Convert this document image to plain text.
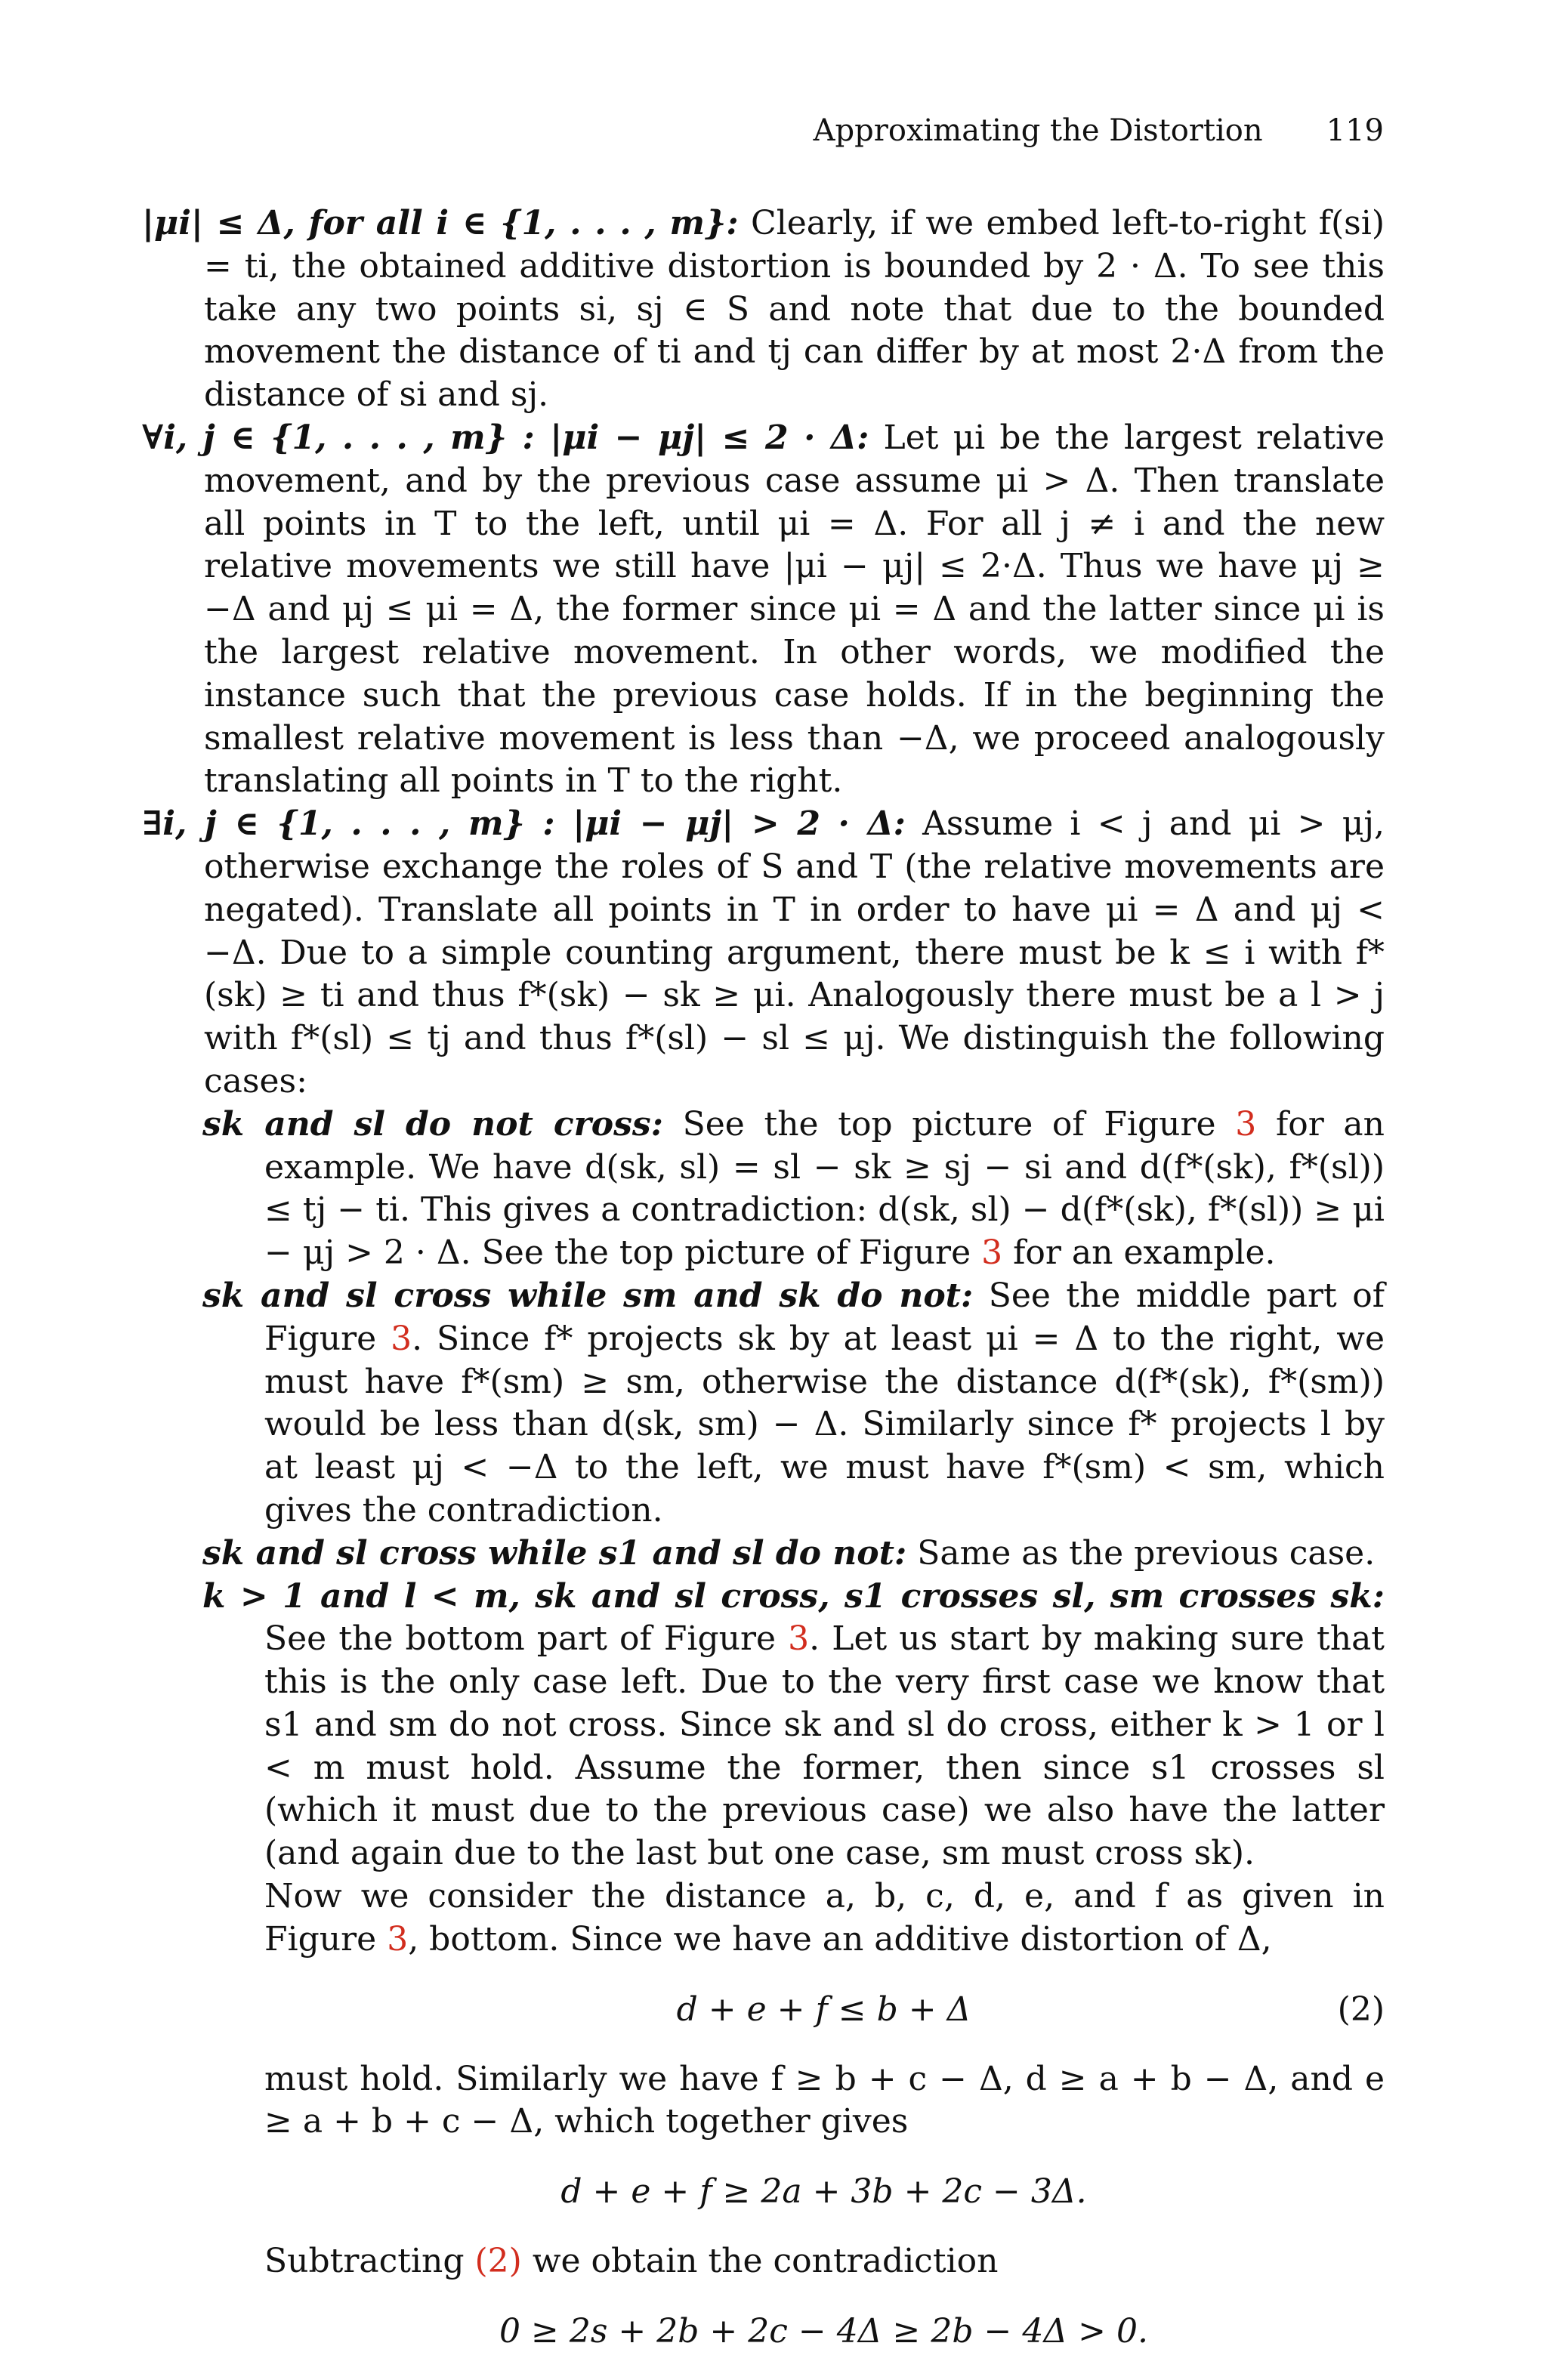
Approximating the Distortion 119

|μi| ≤ Δ, for all i ∈ {1, . . . , m}: Clearly, if we embed left-to-right f(si) = ti, the obtained additive distortion is bounded by 2 · Δ. To see this take any two points si, sj ∈ S and note that due to the bounded movement the distance of ti and tj can differ by at most 2·Δ from the distance of si and sj.

∀i, j ∈ {1, . . . , m} : |μi − μj| ≤ 2 · Δ: Let μi be the largest relative movement, and by the previous case assume μi > Δ. Then translate all points in T to the left, until μi = Δ. For all j ≠ i and the new relative movements we still have |μi − μj| ≤ 2·Δ. Thus we have μj ≥ −Δ and μj ≤ μi = Δ, the former since μi = Δ and the latter since μi is the largest relative movement. In other words, we modified the instance such that the previous case holds. If in the beginning the smallest relative movement is less than −Δ, we proceed analogously translating all points in T to the right.

∃i, j ∈ {1, . . . , m} : |μi − μj| > 2 · Δ: Assume i < j and μi > μj, otherwise exchange the roles of S and T (the relative movements are negated). Translate all points in T in order to have μi = Δ and μj < −Δ. Due to a simple counting argument, there must be k ≤ i with f*(sk) ≥ ti and thus f*(sk) − sk ≥ μi. Analogously there must be a l > j with f*(sl) ≤ tj and thus f*(sl) − sl ≤ μj. We distinguish the following cases:

sk and sl do not cross: See the top picture of Figure 3 for an example. We have d(sk, sl) = sl − sk ≥ sj − si and d(f*(sk), f*(sl)) ≤ tj − ti. This gives a contradiction: d(sk, sl) − d(f*(sk), f*(sl)) ≥ μi − μj > 2 · Δ. See the top picture of Figure 3 for an example.

sk and sl cross while sm and sk do not: See the middle part of Figure 3. Since f* projects sk by at least μi = Δ to the right, we must have f*(sm) ≥ sm, otherwise the distance d(f*(sk), f*(sm)) would be less than d(sk, sm) − Δ. Similarly since f* projects l by at least μj < −Δ to the left, we must have f*(sm) < sm, which gives the contradiction.

sk and sl cross while s1 and sl do not: Same as the previous case.

k > 1 and l < m, sk and sl cross, s1 crosses sl, sm crosses sk: See the bottom part of Figure 3. Let us start by making sure that this is the only case left. Due to the very first case we know that s1 and sm do not cross. Since sk and sl do cross, either k > 1 or l < m must hold. Assume the former, then since s1 crosses sl (which it must due to the previous case) we also have the latter (and again due to the last but one case, sm must cross sk).

Now we consider the distance a, b, c, d, e, and f as given in Figure 3, bottom. Since we have an additive distortion of Δ,

d + e + f ≤ b + Δ	(2)

must hold. Similarly we have f ≥ b + c − Δ, d ≥ a + b − Δ, and e ≥ a + b + c − Δ, which together gives

d + e + f ≥ 2a + 3b + 2c − 3Δ.

Subtracting (2) we obtain the contradiction

0 ≥ 2s + 2b + 2c − 4Δ ≥ 2b − 4Δ > 0.
